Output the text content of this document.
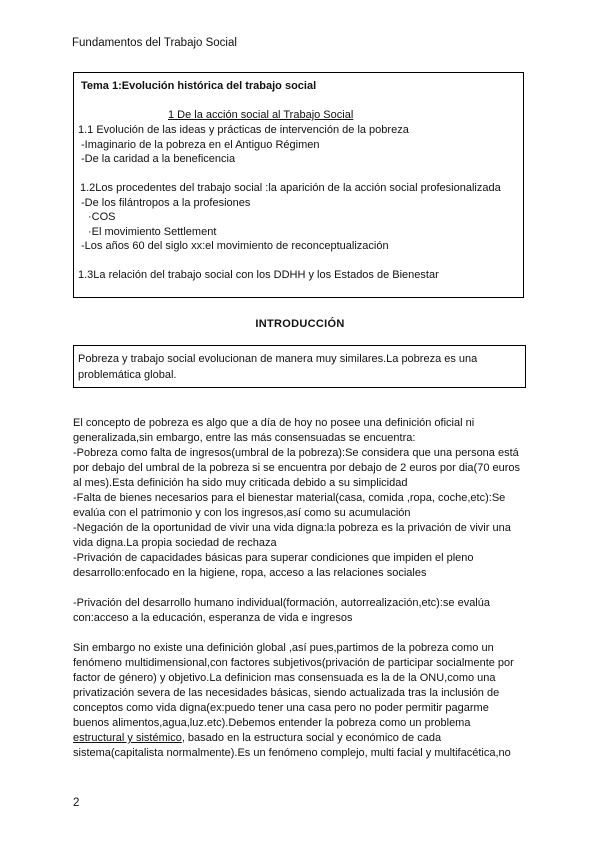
Fundamentos del Trabajo Social
Tema 1:Evolución histórica del trabajo social
1 De la acción social al Trabajo Social
1.1 Evolución de las ideas y prácticas de intervención de la pobreza
-Imaginario de la pobreza en el Antiguo Régimen
-De la caridad a la beneficencia
1.2Los procedentes del trabajo social :la aparición de la acción social profesionalizada
-De los filántropos a la profesiones
·COS
·El movimiento Settlement
-Los años 60 del siglo xx:el movimiento de reconceptualización
1.3La relación del trabajo social con los DDHH y los Estados de Bienestar
INTRODUCCIÓN
Pobreza y trabajo social evolucionan de manera muy similares.La pobreza es una
problemática global.

El concepto de pobreza es algo que a día de hoy no posee una definición oficial ni

generalizada,sin embargo, entre las más consensuadas se encuentra:

-Pobreza como falta de ingresos(umbral de la pobreza):Se considera que una persona está

por debajo del umbral de la pobreza si se encuentra por debajo de 2 euros por dia(70 euros

al mes).Esta definición ha sido muy criticada debido a su simplicidad

-Falta de bienes necesarios para el bienestar material(casa, comida ,ropa, coche,etc):Se

evalúa con el patrimonio y con los ingresos,así como su acumulación

-Negación de la oportunidad de vivir una vida digna:la pobreza es la privación de vivir una

vida digna.La propia sociedad de rechaza

-Privación de capacidades básicas para superar condiciones que impiden el pleno

desarrollo:enfocado en la higiene, ropa, acceso a las relaciones sociales

-Privación del desarrollo humano individual(formación, autorrealización,etc):se evalúa

con:acceso a la educación, esperanza de vida e ingresos

Sin embargo no existe una definición global ,así pues,partimos de la pobreza como un

fenómeno multidimensional,con factores subjetivos(privación de participar socialmente por

factor de género) y objetivo.La definicion mas consensuada es la de la ONU,como una

privatización severa de las necesidades básicas, siendo actualizada tras la inclusión de

conceptos como vida digna(ex:puedo tener una casa pero no poder permitir pagarme

buenos alimentos,agua,luz.etc).Debemos entender la pobreza como un problema

estructural y sistémico, basado en la estructura social y económico de cada

sistema(capitalista normalmente).Es un fenómeno complejo, multi facial y multifacética,no

2
